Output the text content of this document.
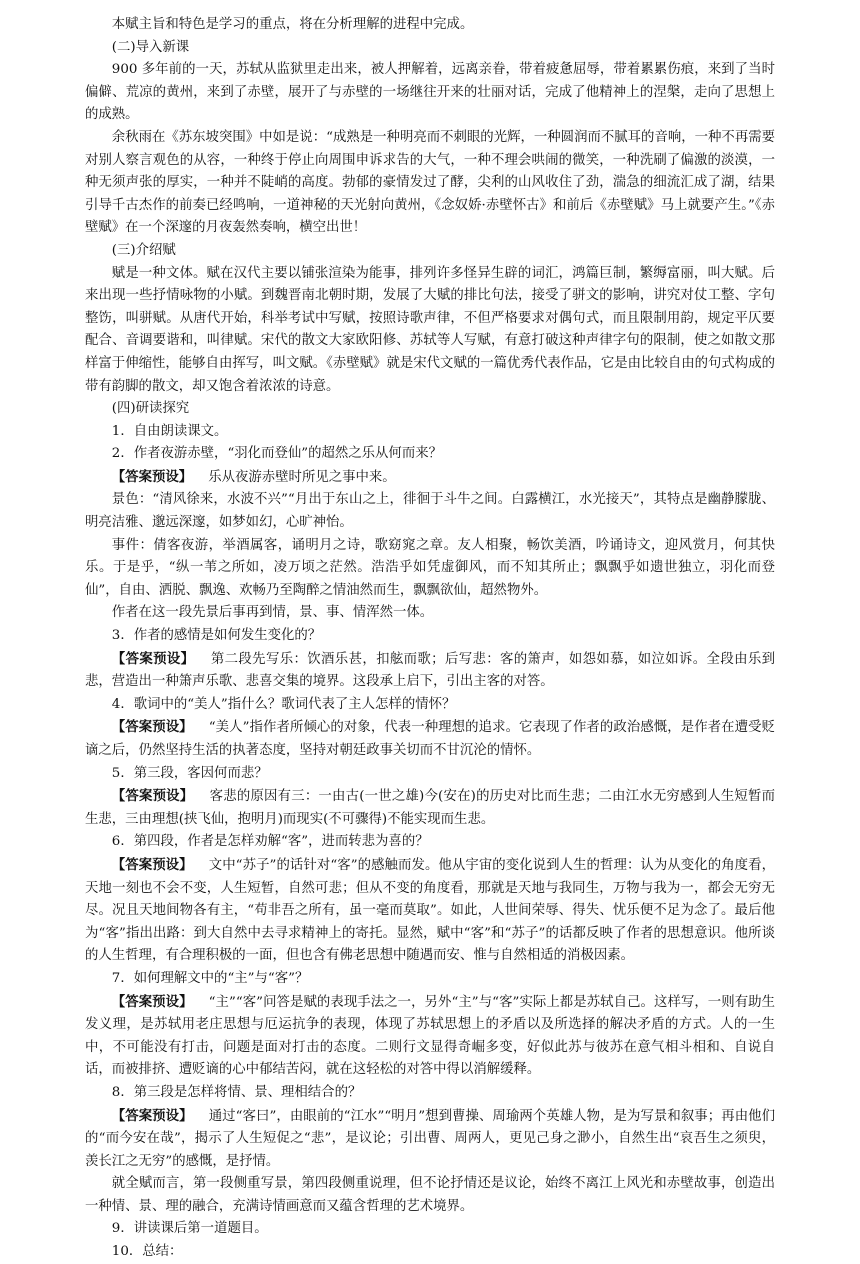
本赋主旨和特色是学习的重点，将在分析理解的进程中完成。

(二)导入新课

900 多年前的一天，苏轼从监狱里走出来，被人押解着，远离亲眷，带着疲惫屈辱，带着累累伤痕，来到了当时偏僻、荒凉的黄州，来到了赤壁，展开了与赤壁的一场继往开来的壮丽对话，完成了他精神上的涅槃，走向了思想上的成熟。

余秋雨在《苏东坡突围》中如是说：“成熟是一种明亮而不刺眼的光辉，一种圆润而不腻耳的音响，一种不再需要对别人察言观色的从容，一种终于停止向周围申诉求告的大气，一种不理会哄闹的微笑，一种洗刷了偏激的淡漠，一种无须声张的厚实，一种并不陡峭的高度。勃郁的豪情发过了酵，尖利的山风收住了劲，湍急的细流汇成了湖，结果引导千古杰作的前奏已经鸣响，一道神秘的天光射向黄州，《念奴娇·赤壁怀古》和前后《赤壁赋》马上就要产生。”《赤壁赋》在一个深邃的月夜轰然奏响，横空出世！

(三)介绍赋

赋是一种文体。赋在汉代主要以铺张渲染为能事，排列许多怪异生辟的词汇，鸿篇巨制，繁缛富丽，叫大赋。后来出现一些抒情咏物的小赋。到魏晋南北朝时期，发展了大赋的排比句法，接受了骈文的影响，讲究对仗工整、字句整饬，叫骈赋。从唐代开始，科举考试中写赋，按照诗歌声律，不但严格要求对偶句式，而且限制用韵，规定平仄要配合、音调要谐和，叫律赋。宋代的散文大家欧阳修、苏轼等人写赋，有意打破这种声律字句的限制，使之如散文那样富于伸缩性，能够自由挥写，叫文赋。《赤壁赋》就是宋代文赋的一篇优秀代表作品，它是由比较自由的句式构成的带有韵脚的散文，却又饱含着浓浓的诗意。

(四)研读探究

1．自由朗读课文。

2．作者夜游赤壁，“羽化而登仙”的超然之乐从何而来？

【答案预设】 乐从夜游赤壁时所见之事中来。

景色：“清风徐来，水波不兴”“月出于东山之上，徘徊于斗牛之间。白露横江，水光接天”，其特点是幽静朦胧、明亮洁雅、邈远深邃，如梦如幻，心旷神怡。

事件：倩客夜游，举酒属客，诵明月之诗，歌窈窕之章。友人相聚，畅饮美酒，吟诵诗文，迎风赏月，何其快乐。于是乎，“纵一苇之所如，凌万顷之茫然。浩浩乎如凭虚御风，而不知其所止；飘飘乎如遗世独立，羽化而登仙”，自由、洒脱、飘逸、欢畅乃至陶醉之情油然而生，飘飘欲仙，超然物外。

作者在这一段先景后事再到情，景、事、情浑然一体。

3．作者的感情是如何发生变化的？

【答案预设】 第二段先写乐：饮酒乐甚，扣舷而歌；后写悲：客的箫声，如怨如慕，如泣如诉。全段由乐到悲，营造出一种箫声乐歌、悲喜交集的境界。这段承上启下，引出主客的对答。

4．歌词中的“美人”指什么？歌词代表了主人怎样的情怀？

【答案预设】 “美人”指作者所倾心的对象，代表一种理想的追求。它表现了作者的政治感慨，是作者在遭受贬谪之后，仍然坚持生活的执著态度，坚持对朝廷政事关切而不甘沉沦的情怀。

5．第三段，客因何而悲？

【答案预设】 客悲的原因有三：一由古(一世之雄)今(安在)的历史对比而生悲；二由江水无穷感到人生短暂而生悲，三由理想(挟飞仙，抱明月)而现实(不可骤得)不能实现而生悲。

6．第四段，作者是怎样劝解“客”，进而转悲为喜的？

【答案预设】 文中“苏子”的话针对“客”的感触而发。他从宇宙的变化说到人生的哲理：认为从变化的角度看，天地一刻也不会不变，人生短暂，自然可悲；但从不变的角度看，那就是天地与我同生，万物与我为一，都会无穷无尽。况且天地间物各有主，“苟非吾之所有，虽一毫而莫取”。如此，人世间荣辱、得失、忧乐便不足为念了。最后他为“客”指出出路：到大自然中去寻求精神上的寄托。显然，赋中“客”和“苏子”的话都反映了作者的思想意识。他所谈的人生哲理，有合理积极的一面，但也含有佛老思想中随遇而安、惟与自然相适的消极因素。

7．如何理解文中的“主”与“客”？

【答案预设】 “主”“客”问答是赋的表现手法之一，另外“主”与“客”实际上都是苏轼自己。这样写，一则有助生发义理，是苏轼用老庄思想与厄运抗争的表现，体现了苏轼思想上的矛盾以及所选择的解决矛盾的方式。人的一生中，不可能没有打击，问题是面对打击的态度。二则行文显得奇崛多变，好似此苏与彼苏在意气相斗相和、自说自话，而被排挤、遭贬谪的心中郁结苦闷，就在这轻松的对答中得以消解缓释。

8．第三段是怎样将情、景、理相结合的？

【答案预设】 通过“客曰”，由眼前的“江水”“明月”想到曹操、周瑜两个英雄人物，是为写景和叙事；再由他们的“而今安在哉”，揭示了人生短促之“悲”，是议论；引出曹、周两人，更见己身之渺小，自然生出“哀吾生之须臾，羡长江之无穷”的感慨，是抒情。

就全赋而言，第一段侧重写景，第四段侧重说理，但不论抒情还是议论，始终不离江上风光和赤壁故事，创造出一种情、景、理的融合，充满诗情画意而又蕴含哲理的艺术境界。

9．讲读课后第一道题目。

10．总结：
